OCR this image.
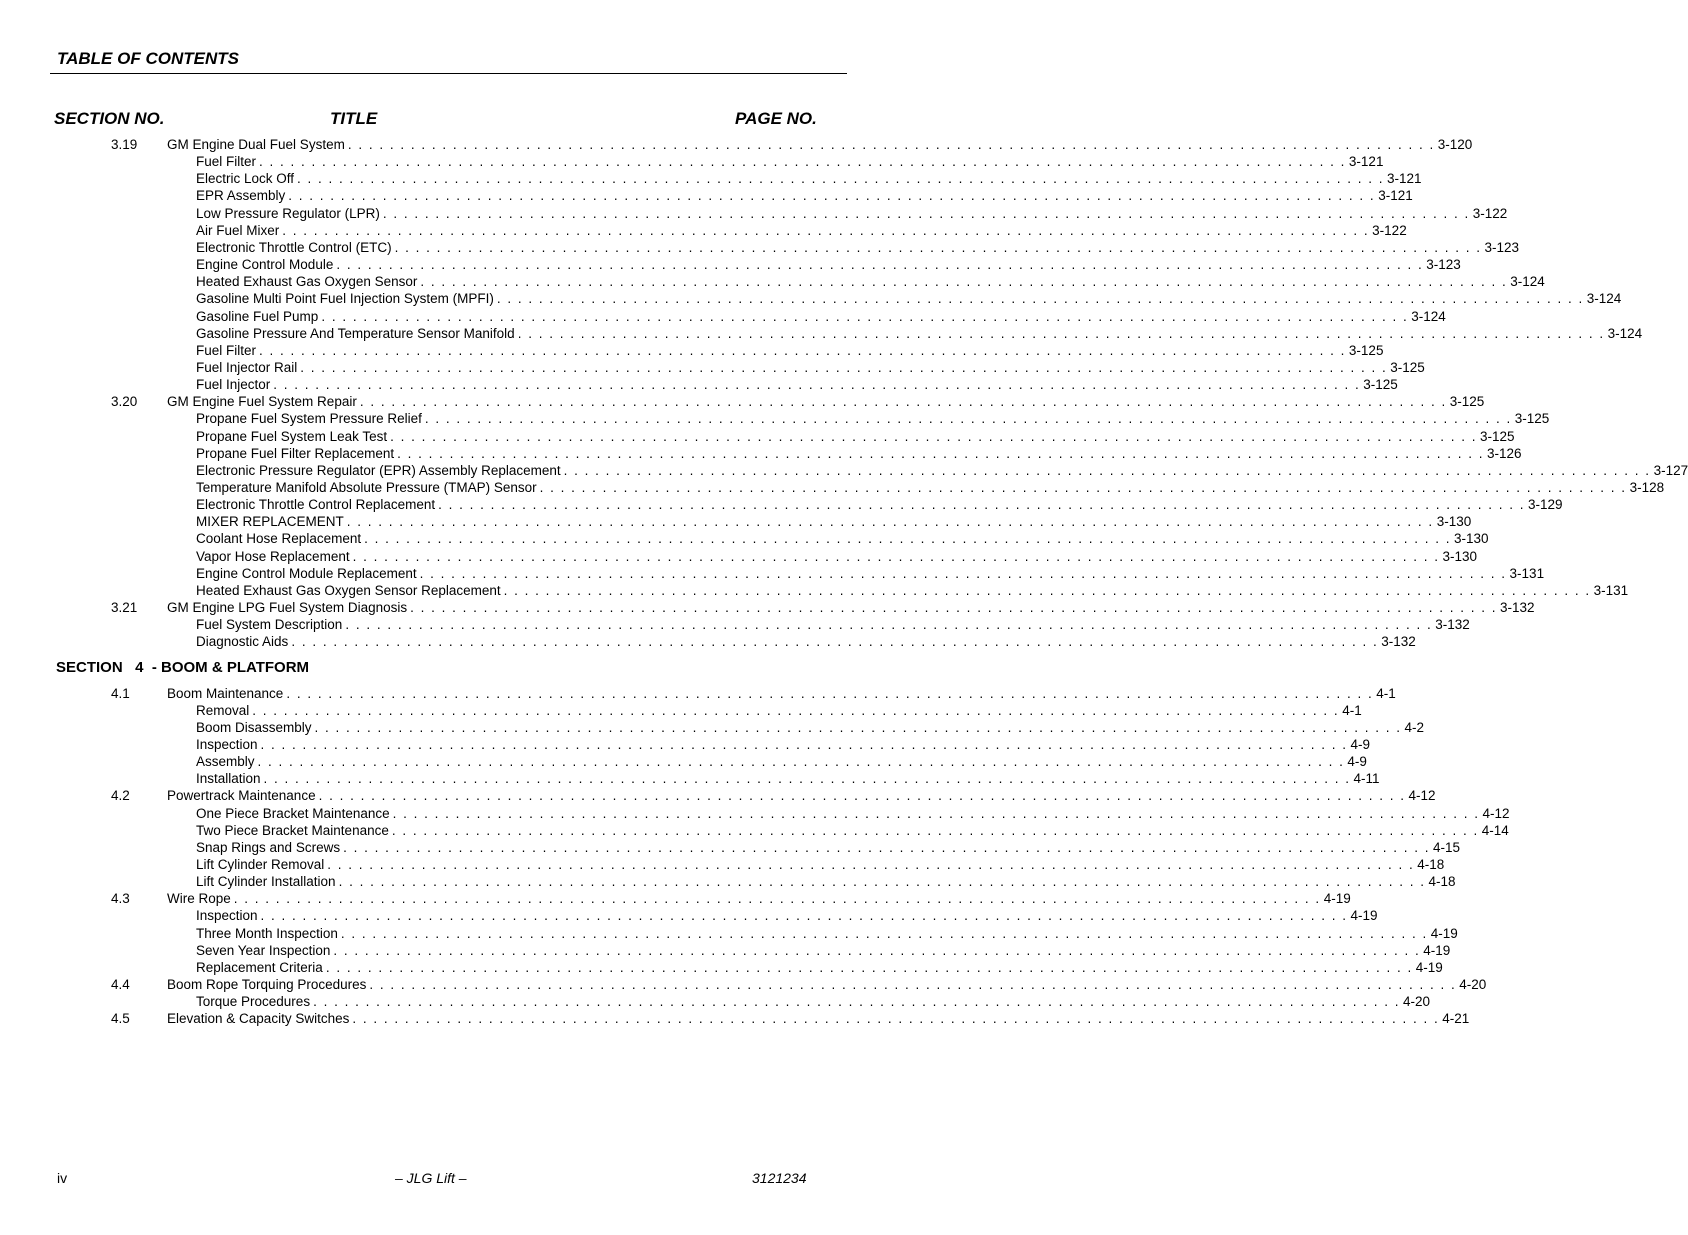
TABLE OF CONTENTS
SECTION NO.	TITLE	PAGE NO.
3.19 GM Engine Dual Fuel System . . . . . . . . . . . . . . . . . . . . . . . . . . . . . . . . . . . . . . . . . . . . . . . . . . . . . . . . . . . . . . . . . . . . . . . . . . . . . . . . . . . . . . . . . . . . . . . . . . . . . . . . 3-120
Fuel Filter . . . . . . . . . . . . . . . . . . . . . . . . . . . . . . . . . . . . . . . . . . . . . . . . . . . . . . . . . . . . . . . . . . . . . . . . . . . . . . . . . . . . . . . . . . . . . . . . . . . . . . . . 3-121
Electric Lock Off . . . . . . . . . . . . . . . . . . . . . . . . . . . . . . . . . . . . . . . . . . . . . . . . . . . . . . . . . . . . . . . . . . . . . . . . . . . . . . . . . . . . . . . . . . . . . . . . . . . . . . . . 3-121
EPR Assembly . . . . . . . . . . . . . . . . . . . . . . . . . . . . . . . . . . . . . . . . . . . . . . . . . . . . . . . . . . . . . . . . . . . . . . . . . . . . . . . . . . . . . . . . . . . . . . . . . . . . . . . . 3-121
Low Pressure Regulator (LPR) . . . . . . . . . . . . . . . . . . . . . . . . . . . . . . . . . . . . . . . . . . . . . . . . . . . . . . . . . . . . . . . . . . . . . . . . . . . . . . . . . . . . . . . . . . . . . . . . . . . . . . . . 3-122
Air Fuel Mixer . . . . . . . . . . . . . . . . . . . . . . . . . . . . . . . . . . . . . . . . . . . . . . . . . . . . . . . . . . . . . . . . . . . . . . . . . . . . . . . . . . . . . . . . . . . . . . . . . . . . . . . . 3-122
Electronic Throttle Control (ETC) . . . . . . . . . . . . . . . . . . . . . . . . . . . . . . . . . . . . . . . . . . . . . . . . . . . . . . . . . . . . . . . . . . . . . . . . . . . . . . . . . . . . . . . . . . . . . . . . . . . . . . . . 3-123
Engine Control Module . . . . . . . . . . . . . . . . . . . . . . . . . . . . . . . . . . . . . . . . . . . . . . . . . . . . . . . . . . . . . . . . . . . . . . . . . . . . . . . . . . . . . . . . . . . . . . . . . . . . . . . . 3-123
Heated Exhaust Gas Oxygen Sensor . . . . . . . . . . . . . . . . . . . . . . . . . . . . . . . . . . . . . . . . . . . . . . . . . . . . . . . . . . . . . . . . . . . . . . . . . . . . . . . . . . . . . . . . . . . . . . . . . . . . . . . . 3-124
Gasoline Multi Point Fuel Injection System (MPFI) . . . . . . . . . . . . . . . . . . . . . . . . . . . . . . . . . . . . . . . . . . . . . . . . . . . . . . . . . . . . . . . . . . . . . . . . . . . . . . . . . . . . . . . . . . . . . . . . . . . . . . . . 3-124
Gasoline Fuel Pump . . . . . . . . . . . . . . . . . . . . . . . . . . . . . . . . . . . . . . . . . . . . . . . . . . . . . . . . . . . . . . . . . . . . . . . . . . . . . . . . . . . . . . . . . . . . . . . . . . . . . . . . 3-124
Gasoline Pressure And Temperature Sensor Manifold . . . . . . . . . . . . . . . . . . . . . . . . . . . . . . . . . . . . . . . . . . . . . . . . . . . . . . . . . . . . . . . . . . . . . . . . . . . . . . . . . . . . . . . . . . . . . . . . . . . . . . . . 3-124
Fuel Filter . . . . . . . . . . . . . . . . . . . . . . . . . . . . . . . . . . . . . . . . . . . . . . . . . . . . . . . . . . . . . . . . . . . . . . . . . . . . . . . . . . . . . . . . . . . . . . . . . . . . . . . . 3-125
Fuel Injector Rail . . . . . . . . . . . . . . . . . . . . . . . . . . . . . . . . . . . . . . . . . . . . . . . . . . . . . . . . . . . . . . . . . . . . . . . . . . . . . . . . . . . . . . . . . . . . . . . . . . . . . . . . 3-125
Fuel Injector . . . . . . . . . . . . . . . . . . . . . . . . . . . . . . . . . . . . . . . . . . . . . . . . . . . . . . . . . . . . . . . . . . . . . . . . . . . . . . . . . . . . . . . . . . . . . . . . . . . . . . . . 3-125
3.20 GM Engine Fuel System Repair . . . . . . . . . . . . . . . . . . . . . . . . . . . . . . . . . . . . . . . . . . . . . . . . . . . . . . . . . . . . . . . . . . . . . . . . . . . . . . . . . . . . . . . . . . . . . . . . . . . . . . . . 3-125
Propane Fuel System Pressure Relief . . . . . . . . . . . . . . . . . . . . . . . . . . . . . . . . . . . . . . . . . . . . . . . . . . . . . . . . . . . . . . . . . . . . . . . . . . . . . . . . . . . . . . . . . . . . . . . . . . . . . . . . 3-125
Propane Fuel System Leak Test . . . . . . . . . . . . . . . . . . . . . . . . . . . . . . . . . . . . . . . . . . . . . . . . . . . . . . . . . . . . . . . . . . . . . . . . . . . . . . . . . . . . . . . . . . . . . . . . . . . . . . . . 3-125
Propane Fuel Filter Replacement . . . . . . . . . . . . . . . . . . . . . . . . . . . . . . . . . . . . . . . . . . . . . . . . . . . . . . . . . . . . . . . . . . . . . . . . . . . . . . . . . . . . . . . . . . . . . . . . . . . . . . . . 3-126
Electronic Pressure Regulator (EPR) Assembly Replacement . . . . . . . . . . . . . . . . . . . . . . . . . . . . . . . . . . . . . . . . . . . . . . . . . . . . . . . . . . . . . . . . . . . . . . . . . . . . . . . . . . . . . . . . . . . . . . . . . . . . . . . . 3-127
Temperature Manifold Absolute Pressure (TMAP) Sensor . . . . . . . . . . . . . . . . . . . . . . . . . . . . . . . . . . . . . . . . . . . . . . . . . . . . . . . . . . . . . . . . . . . . . . . . . . . . . . . . . . . . . . . . . . . . . . . . . . . . . . . . 3-128
Electronic Throttle Control Replacement . . . . . . . . . . . . . . . . . . . . . . . . . . . . . . . . . . . . . . . . . . . . . . . . . . . . . . . . . . . . . . . . . . . . . . . . . . . . . . . . . . . . . . . . . . . . . . . . . . . . . . . . 3-129
MIXER REPLACEMENT . . . . . . . . . . . . . . . . . . . . . . . . . . . . . . . . . . . . . . . . . . . . . . . . . . . . . . . . . . . . . . . . . . . . . . . . . . . . . . . . . . . . . . . . . . . . . . . . . . . . . . . . 3-130
Coolant Hose Replacement . . . . . . . . . . . . . . . . . . . . . . . . . . . . . . . . . . . . . . . . . . . . . . . . . . . . . . . . . . . . . . . . . . . . . . . . . . . . . . . . . . . . . . . . . . . . . . . . . . . . . . . . 3-130
Vapor Hose Replacement . . . . . . . . . . . . . . . . . . . . . . . . . . . . . . . . . . . . . . . . . . . . . . . . . . . . . . . . . . . . . . . . . . . . . . . . . . . . . . . . . . . . . . . . . . . . . . . . . . . . . . . . 3-130
Engine Control Module Replacement . . . . . . . . . . . . . . . . . . . . . . . . . . . . . . . . . . . . . . . . . . . . . . . . . . . . . . . . . . . . . . . . . . . . . . . . . . . . . . . . . . . . . . . . . . . . . . . . . . . . . . . . 3-131
Heated Exhaust Gas Oxygen Sensor Replacement . . . . . . . . . . . . . . . . . . . . . . . . . . . . . . . . . . . . . . . . . . . . . . . . . . . . . . . . . . . . . . . . . . . . . . . . . . . . . . . . . . . . . . . . . . . . . . . . . . . . . . . . 3-131
3.21 GM Engine LPG Fuel System Diagnosis . . . . . . . . . . . . . . . . . . . . . . . . . . . . . . . . . . . . . . . . . . . . . . . . . . . . . . . . . . . . . . . . . . . . . . . . . . . . . . . . . . . . . . . . . . . . . . . . . . . . . . . . 3-132
Fuel System Description . . . . . . . . . . . . . . . . . . . . . . . . . . . . . . . . . . . . . . . . . . . . . . . . . . . . . . . . . . . . . . . . . . . . . . . . . . . . . . . . . . . . . . . . . . . . . . . . . . . . . . . . 3-132
Diagnostic Aids . . . . . . . . . . . . . . . . . . . . . . . . . . . . . . . . . . . . . . . . . . . . . . . . . . . . . . . . . . . . . . . . . . . . . . . . . . . . . . . . . . . . . . . . . . . . . . . . . . . . . . . . 3-132
SECTION   4  - BOOM & PLATFORM
4.1	Boom Maintenance . . . . . . . . . . . . . . . . . . . . . . . . . . . . . . . . . . . . . . . . . . . . . . . . . . . . . . . . . . . . . . . . . . . . . . . . . . . . . . . . . . . . . . . . . . . . . . . . . . . . . . . . 4-1
Removal . . . . . . . . . . . . . . . . . . . . . . . . . . . . . . . . . . . . . . . . . . . . . . . . . . . . . . . . . . . . . . . . . . . . . . . . . . . . . . . . . . . . . . . . . . . . . . . . . . . . . . . . 4-1
Boom Disassembly . . . . . . . . . . . . . . . . . . . . . . . . . . . . . . . . . . . . . . . . . . . . . . . . . . . . . . . . . . . . . . . . . . . . . . . . . . . . . . . . . . . . . . . . . . . . . . . . . . . . . . . . 4-2
Inspection . . . . . . . . . . . . . . . . . . . . . . . . . . . . . . . . . . . . . . . . . . . . . . . . . . . . . . . . . . . . . . . . . . . . . . . . . . . . . . . . . . . . . . . . . . . . . . . . . . . . . . . . 4-9
Assembly . . . . . . . . . . . . . . . . . . . . . . . . . . . . . . . . . . . . . . . . . . . . . . . . . . . . . . . . . . . . . . . . . . . . . . . . . . . . . . . . . . . . . . . . . . . . . . . . . . . . . . . . 4-9
Installation . . . . . . . . . . . . . . . . . . . . . . . . . . . . . . . . . . . . . . . . . . . . . . . . . . . . . . . . . . . . . . . . . . . . . . . . . . . . . . . . . . . . . . . . . . . . . . . . . . . . . . . . 4-11
4.2	Powertrack Maintenance . . . . . . . . . . . . . . . . . . . . . . . . . . . . . . . . . . . . . . . . . . . . . . . . . . . . . . . . . . . . . . . . . . . . . . . . . . . . . . . . . . . . . . . . . . . . . . . . . . . . . . . . 4-12
One Piece Bracket Maintenance . . . . . . . . . . . . . . . . . . . . . . . . . . . . . . . . . . . . . . . . . . . . . . . . . . . . . . . . . . . . . . . . . . . . . . . . . . . . . . . . . . . . . . . . . . . . . . . . . . . . . . . . 4-12
Two Piece Bracket Maintenance . . . . . . . . . . . . . . . . . . . . . . . . . . . . . . . . . . . . . . . . . . . . . . . . . . . . . . . . . . . . . . . . . . . . . . . . . . . . . . . . . . . . . . . . . . . . . . . . . . . . . . . . 4-14
Snap Rings and Screws . . . . . . . . . . . . . . . . . . . . . . . . . . . . . . . . . . . . . . . . . . . . . . . . . . . . . . . . . . . . . . . . . . . . . . . . . . . . . . . . . . . . . . . . . . . . . . . . . . . . . . . . 4-15
Lift Cylinder Removal . . . . . . . . . . . . . . . . . . . . . . . . . . . . . . . . . . . . . . . . . . . . . . . . . . . . . . . . . . . . . . . . . . . . . . . . . . . . . . . . . . . . . . . . . . . . . . . . . . . . . . . . 4-18
Lift Cylinder Installation . . . . . . . . . . . . . . . . . . . . . . . . . . . . . . . . . . . . . . . . . . . . . . . . . . . . . . . . . . . . . . . . . . . . . . . . . . . . . . . . . . . . . . . . . . . . . . . . . . . . . . . . 4-18
4.3	Wire Rope . . . . . . . . . . . . . . . . . . . . . . . . . . . . . . . . . . . . . . . . . . . . . . . . . . . . . . . . . . . . . . . . . . . . . . . . . . . . . . . . . . . . . . . . . . . . . . . . . . . . . . . . 4-19
Inspection . . . . . . . . . . . . . . . . . . . . . . . . . . . . . . . . . . . . . . . . . . . . . . . . . . . . . . . . . . . . . . . . . . . . . . . . . . . . . . . . . . . . . . . . . . . . . . . . . . . . . . . . 4-19
Three Month Inspection . . . . . . . . . . . . . . . . . . . . . . . . . . . . . . . . . . . . . . . . . . . . . . . . . . . . . . . . . . . . . . . . . . . . . . . . . . . . . . . . . . . . . . . . . . . . . . . . . . . . . . . . 4-19
Seven Year Inspection . . . . . . . . . . . . . . . . . . . . . . . . . . . . . . . . . . . . . . . . . . . . . . . . . . . . . . . . . . . . . . . . . . . . . . . . . . . . . . . . . . . . . . . . . . . . . . . . . . . . . . . . 4-19
Replacement Criteria . . . . . . . . . . . . . . . . . . . . . . . . . . . . . . . . . . . . . . . . . . . . . . . . . . . . . . . . . . . . . . . . . . . . . . . . . . . . . . . . . . . . . . . . . . . . . . . . . . . . . . . . 4-19
4.4	Boom Rope Torquing Procedures . . . . . . . . . . . . . . . . . . . . . . . . . . . . . . . . . . . . . . . . . . . . . . . . . . . . . . . . . . . . . . . . . . . . . . . . . . . . . . . . . . . . . . . . . . . . . . . . . . . . . . . . 4-20
Torque Procedures . . . . . . . . . . . . . . . . . . . . . . . . . . . . . . . . . . . . . . . . . . . . . . . . . . . . . . . . . . . . . . . . . . . . . . . . . . . . . . . . . . . . . . . . . . . . . . . . . . . . . . . . 4-20
4.5	Elevation & Capacity Switches . . . . . . . . . . . . . . . . . . . . . . . . . . . . . . . . . . . . . . . . . . . . . . . . . . . . . . . . . . . . . . . . . . . . . . . . . . . . . . . . . . . . . . . . . . . . . . . . . . . . . . . . 4-21
iv	– JLG Lift –	3121234
